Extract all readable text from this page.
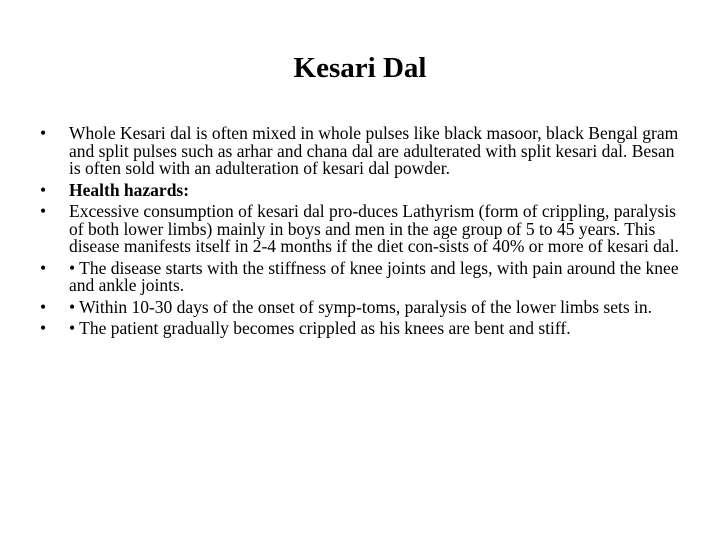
Kesari Dal
•	Whole Kesari dal is often mixed in whole pulses like black masoor, black Bengal gram and split pulses such as arhar and chana dal are adulterated with split kesari dal. Besan is often sold with an adulteration of kesari dal powder.
•	Health hazards:
•	Excessive consumption of kesari dal pro-duces Lathyrism (form of crippling, paralysis of both lower limbs) mainly in boys and men in the age group of 5 to 45 years. This disease manifests itself in 2-4 months if the diet con-sists of 40% or more of kesari dal.
•	• The disease starts with the stiffness of knee joints and legs, with pain around the knee and ankle joints.
•	• Within 10-30 days of the onset of symp-toms, paralysis of the lower limbs sets in.
•	• The patient gradually becomes crippled as his knees are bent and stiff.
